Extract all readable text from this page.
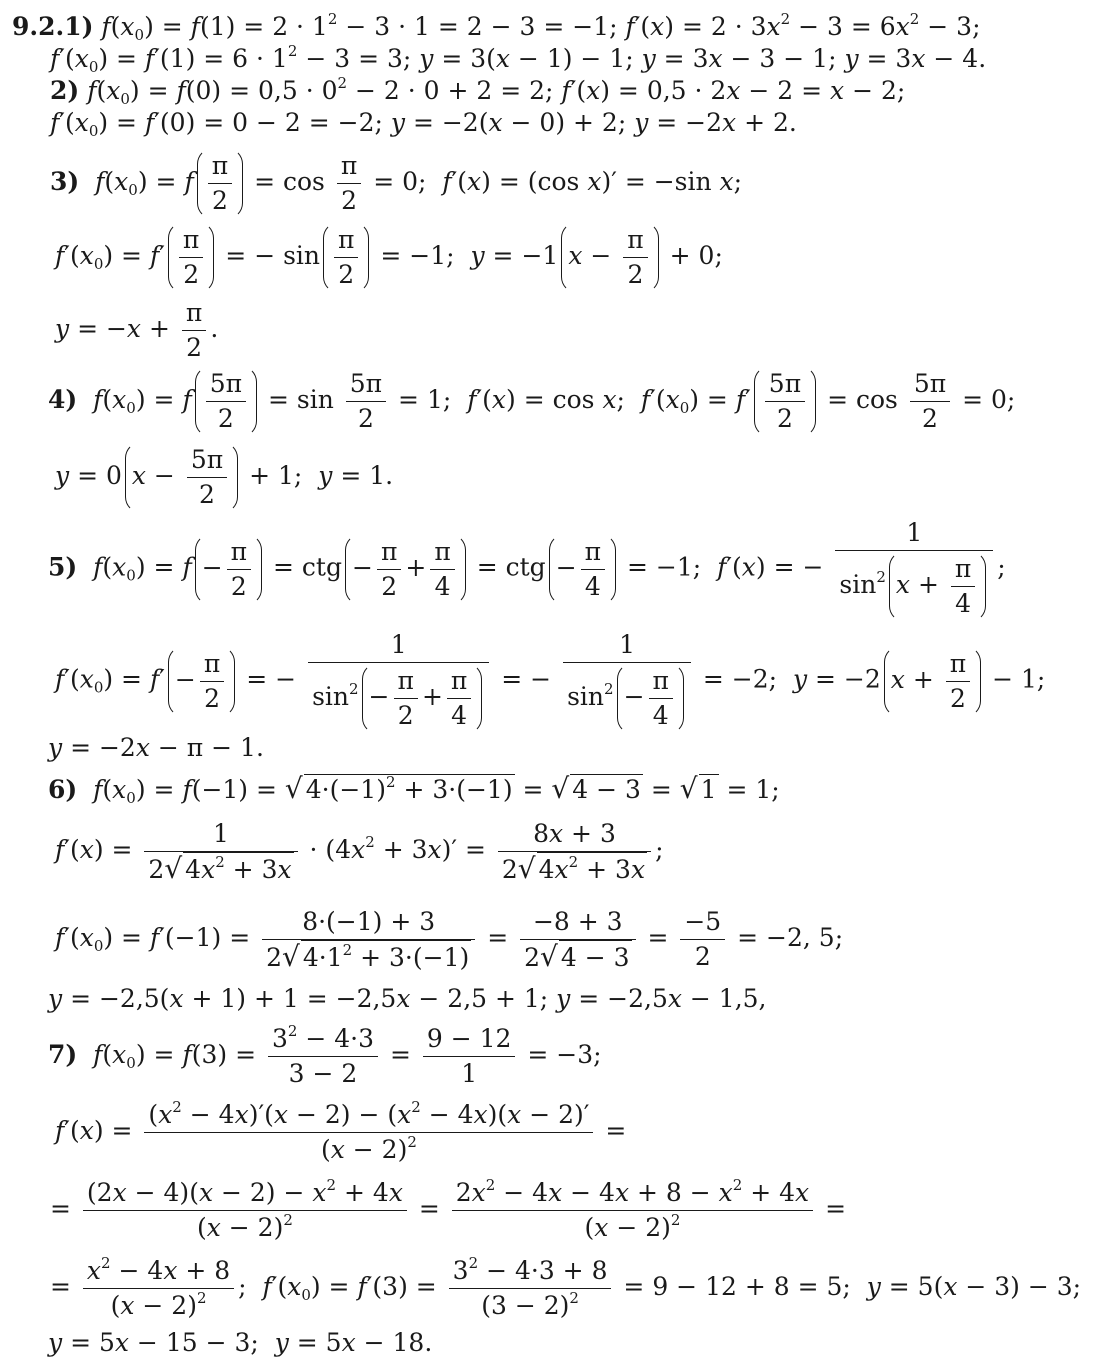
9.2.1) $f(x_0) = f(1) = 2 \cdot 1^2 - 3 \cdot 1 = 2 - 3 = -1$; $f'(x) = 2 \cdot 3x^2 - 3 = 6x^2 - 3$;
$f'(x_0) = f'(1) = 6 \cdot 1^2 - 3 = 3$; y = 3(x − 1) − 1; y = 3x − 3 − 1; y = 3x − 4.
2) $f(x_0) = f(0) = 0,5 \cdot 0^2 - 2 \cdot 0 + 2 = 2$; f′(x) = 0,5 · 2x − 2 = x − 2;
$f'(x_0) = f'(0) = 0 - 2 = -2$; y = −2(x − 0) + 2; y = −2x + 2.
3) $f(x_0) = f \frac{\pi}{2} = \cos \frac{\pi}{2} = 0$;  f′(x) = (cos x)′ = −sin x;
$f'(x_0) = f' \frac{\pi}{2}$ = − $\sin \frac{\pi}{2} = -1$;  y = −1 $x - \frac{\pi}{2} + 0$;
$y = -x + \frac{\pi}{2}$ .
4) $f(x_0) = f \frac{5\pi}{2} = \sin \frac{5\pi}{2} = 1$;  f′(x) = cos x;  $f'(x_0) = f' \frac{5\pi}{2} = \cos \frac{5\pi}{2} = 0$;
y = 0 $x - \frac{5\pi}{2} + 1$;  y = 1.
5) $f(x_0) = f - \frac{\pi}{2}$ = ctg − $\frac{\pi}{2} + \frac{\pi}{4}$ = ctg − $\frac{\pi}{4} = -1$;  f′(x) = − $\frac{1}{\sin^2 x + \frac{\pi}{4}}$ ;
$f'(x_0) = f' - \frac{\pi}{2}$ = − $\frac{1}{\sin^2 - \frac{\pi}{2} + \frac{\pi}{4}}$ = − $\frac{1}{\sin^2 - \frac{\pi}{4}} = -2$;  y = −2 $x + \frac{\pi}{2} - 1$;
y = −2x − π − 1.
6) $f(x_0) = f(-1)$ = √ $4\cdot(-1)^2 + 3\cdot(-1)$ = √ 4 − 3 = √ 1 = 1;
$f'(x) = \frac{1}{2√ 4x^2 + 3x} \cdot (4x^2 + 3x)' = \frac{8x + 3}{2√ 4x^2 + 3x}$ ;
$f'(x_0) = f'(-1) = \frac{8\cdot(-1) + 3}{2√ 4\cdot 1^2 + 3\cdot(-1)} = \frac{-8 + 3}{2√ 4 - 3} = \frac{-5}{2} = -2$, 5;
y = −2,5(x + 1) + 1 = −2,5x − 2,5 + 1; y = −2,5x − 1,5,
7) $f(x_0) = f(3) = \frac{3^2 - 4\cdot 3}{3 - 2} = \frac{9 - 12}{1} = -3$;
$f'(x) = \frac{(x^2 - 4x)'(x - 2) - (x^2 - 4x)(x - 2)'}{(x - 2)^2}$ =
= $\frac{(2x - 4)(x - 2) - x^2 + 4x}{(x - 2)^2} = \frac{2x^2 - 4x - 4x + 8 - x^2 + 4x}{(x - 2)^2}$ =
= $\frac{x^2 - 4x + 8}{(x - 2)^2}$ ;  $f'(x_0) = f'(3) = \frac{3^2 - 4\cdot 3 + 8}{(3 - 2)^2} = 9 - 12 + 8 = 5$;  y = 5(x − 3) − 3;
y = 5x − 15 − 3;  y = 5x − 18.
